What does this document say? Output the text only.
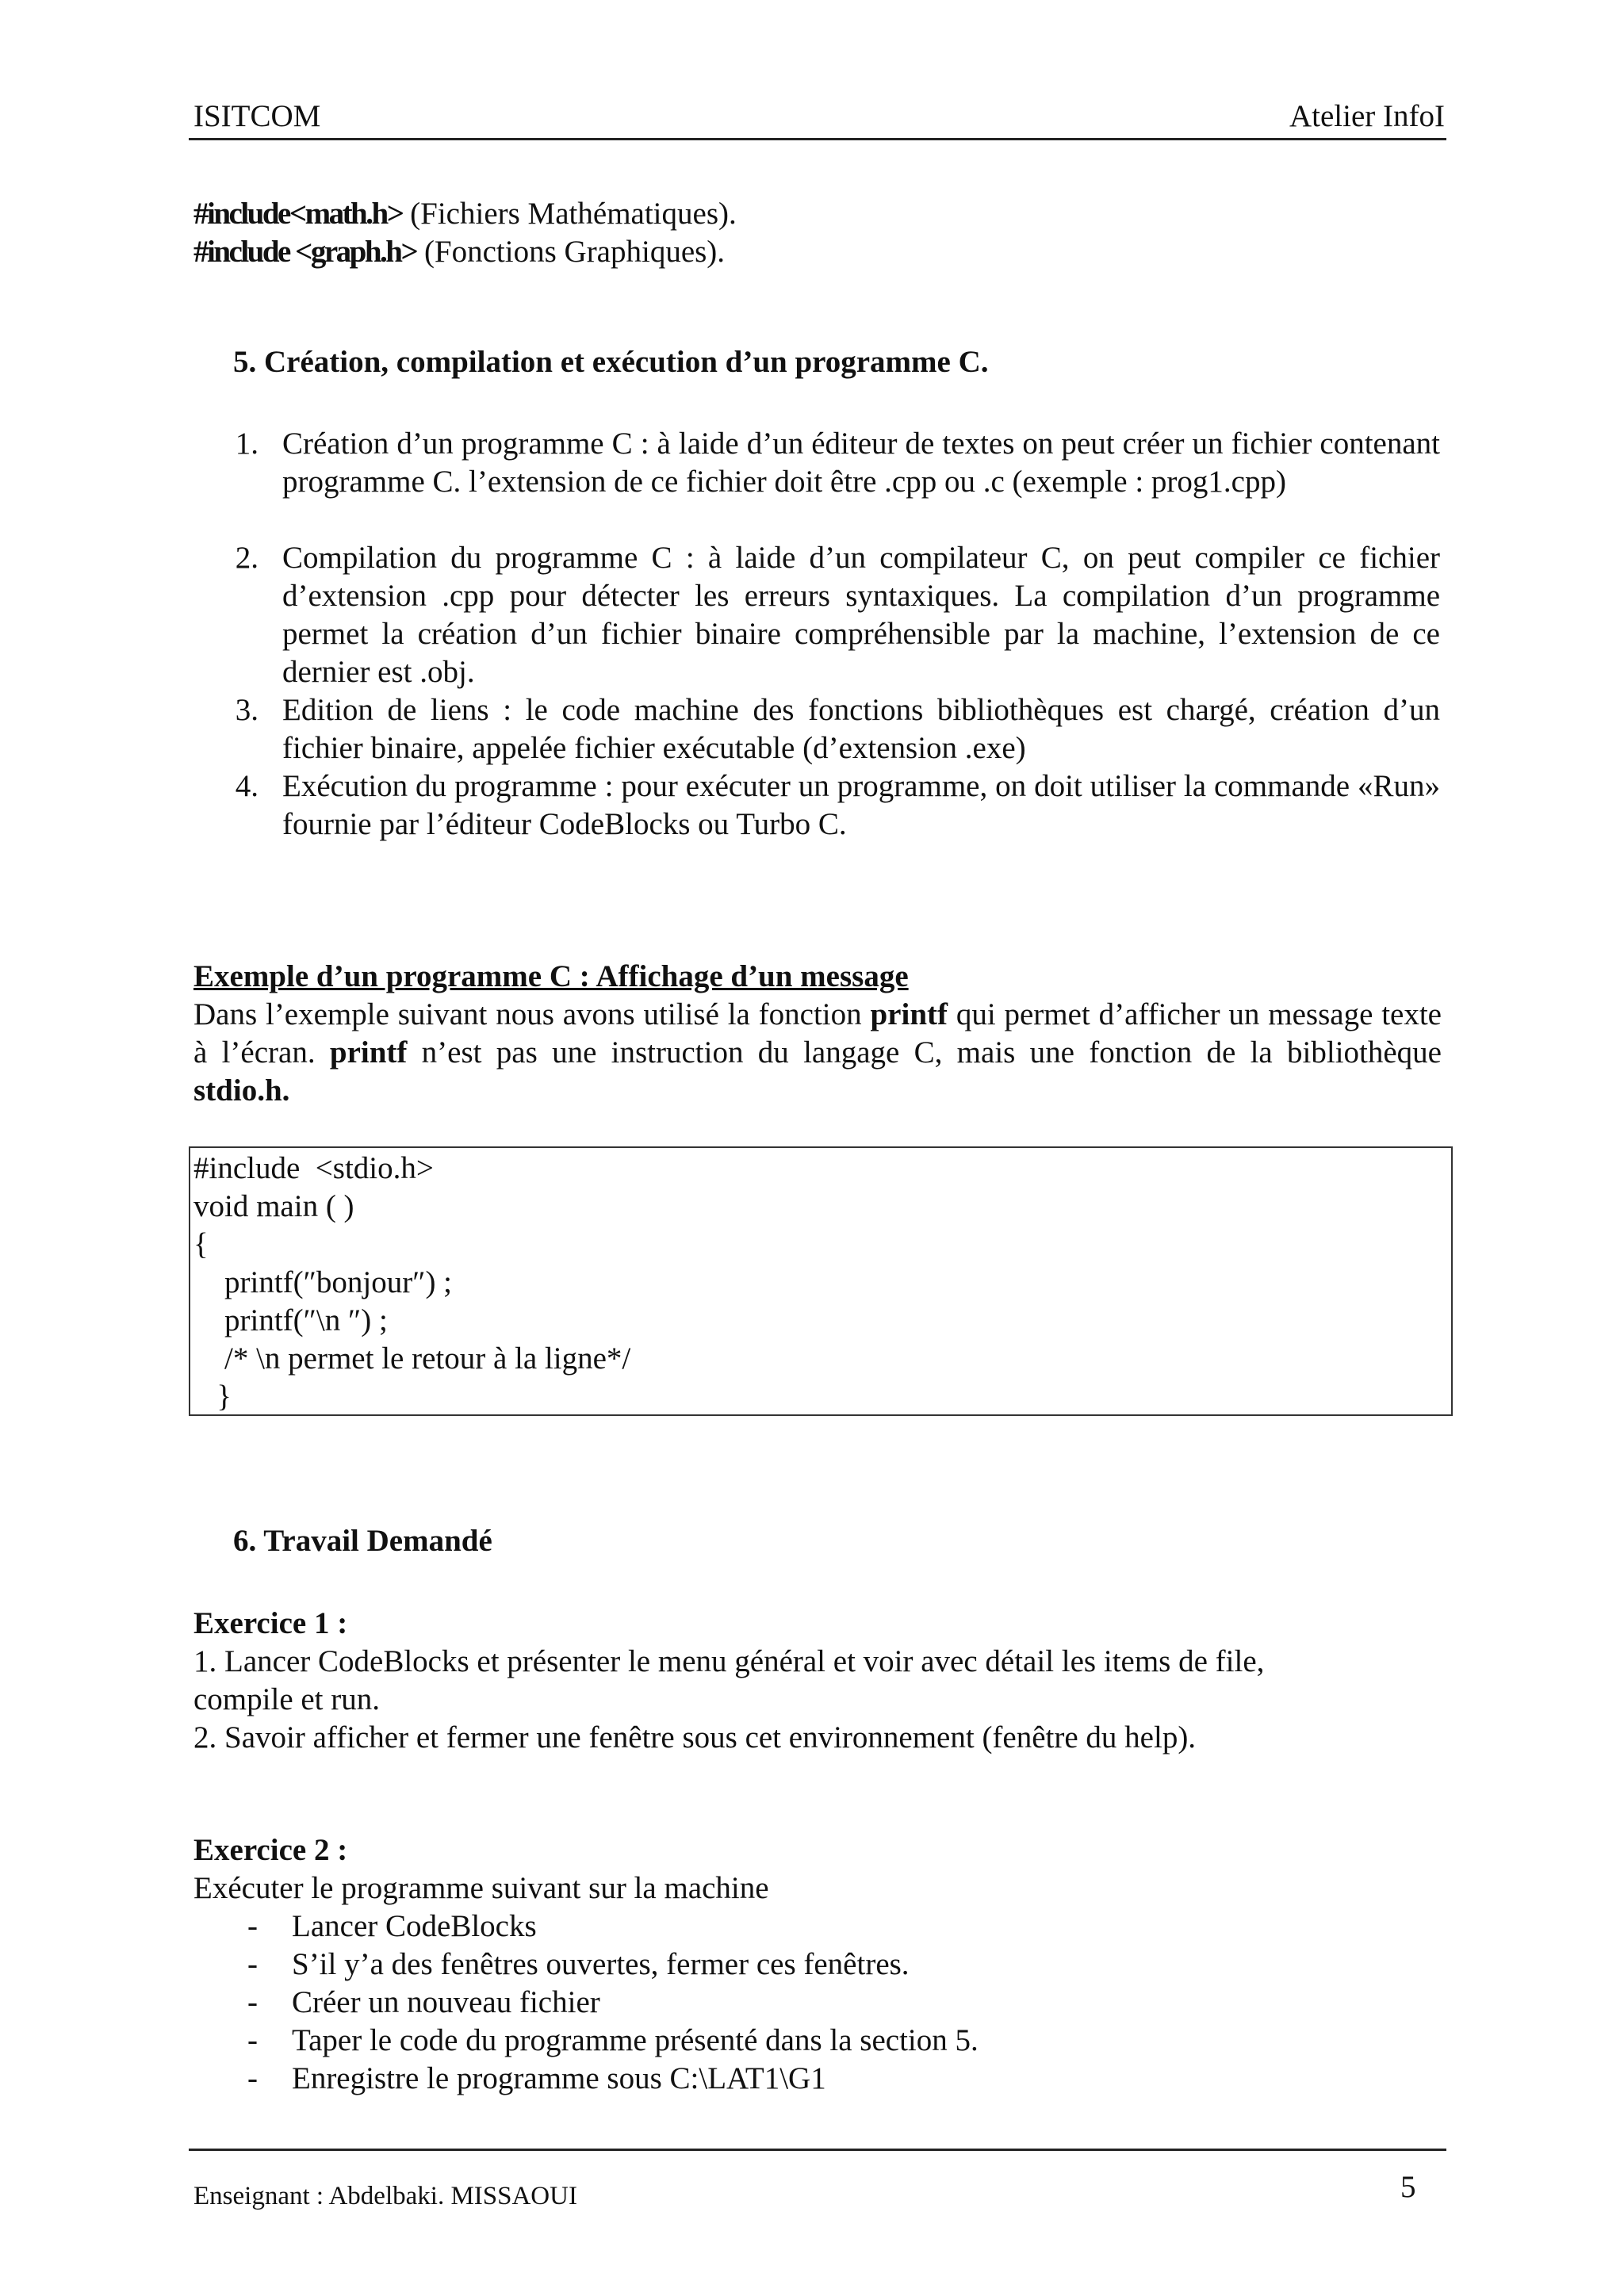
ISITCOM	Atelier InfoI
#include<math.h> (Fichiers Mathématiques).
#include <graph.h> (Fonctions Graphiques).
5. Création, compilation et exécution d’un programme C.
1. Création d’un programme C : à laide d’un éditeur de textes on peut créer un fichier contenant programme C. l’extension de ce fichier doit être .cpp ou .c (exemple : prog1.cpp)
2. Compilation du programme C : à laide d’un compilateur C, on peut compiler ce fichier d’extension .cpp pour détecter les erreurs syntaxiques. La compilation d’un programme permet la création d’un fichier binaire compréhensible par la machine, l’extension de ce dernier est .obj.
3. Edition de liens : le code machine des fonctions bibliothèques est chargé, création d’un fichier binaire, appelée fichier exécutable (d’extension .exe)
4. Exécution du programme : pour exécuter un programme, on doit utiliser la commande «Run» fournie par l’éditeur CodeBlocks ou Turbo C.
Exemple d’un programme C : Affichage d’un message
Dans l’exemple suivant nous avons utilisé la fonction printf qui permet d’afficher un message texte à l’écran. printf n’est pas une instruction du langage C, mais une fonction de la bibliothèque stdio.h.
#include  <stdio.h>
void main ( )
{
printf(″bonjour″) ;
printf(″\n ″) ;
/* \n permet le retour à la ligne*/
}
6. Travail Demandé
Exercice 1 :
1. Lancer CodeBlocks et présenter le menu général et voir avec détail les items de file,
compile et run.
2. Savoir afficher et fermer une fenêtre sous cet environnement (fenêtre du help).
Exercice 2 :
Exécuter le programme suivant sur la machine
- Lancer CodeBlocks
- S’il y’a des fenêtres ouvertes, fermer ces fenêtres.
- Créer un nouveau fichier
- Taper le code du programme présenté dans la section 5.
- Enregistre le programme sous C:\LAT1\G1
Enseignant : Abdelbaki. MISSAOUI	5
